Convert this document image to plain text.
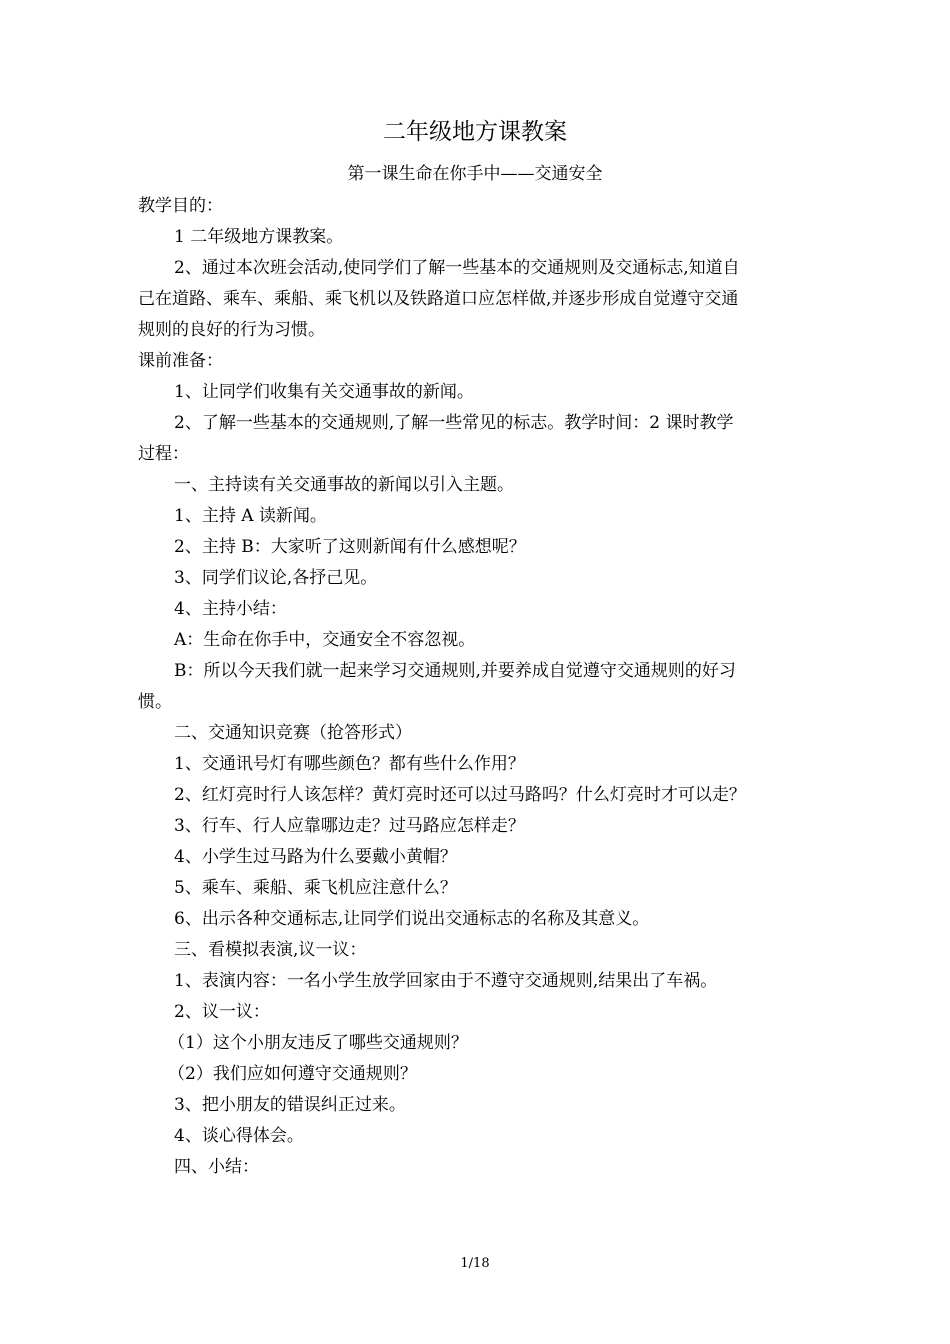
二年级地方课教案
第一课生命在你手中——交通安全
教学目的：
1 二年级地方课教案。
2、通过本次班会活动,使同学们了解一些基本的交通规则及交通标志,知道自
己在道路、乘车、乘船、乘飞机以及铁路道口应怎样做,并逐步形成自觉遵守交通
规则的良好的行为习惯。
课前准备：
1、让同学们收集有关交通事故的新闻。
2、了解一些基本的交通规则,了解一些常见的标志。教学时间：2 课时教学
过程：
一、主持读有关交通事故的新闻以引入主题。
1、主持 A 读新闻。
2、主持 B：大家听了这则新闻有什么感想呢？
3、同学们议论,各抒己见。
4、主持小结：
A：生命在你手中，交通安全不容忽视。
B：所以今天我们就一起来学习交通规则,并要养成自觉遵守交通规则的好习
惯。
二、交通知识竞赛（抢答形式）
1、交通讯号灯有哪些颜色？都有些什么作用？
2、红灯亮时行人该怎样？黄灯亮时还可以过马路吗？什么灯亮时才可以走？
3、行车、行人应靠哪边走？过马路应怎样走？
4、小学生过马路为什么要戴小黄帽？
5、乘车、乘船、乘飞机应注意什么？
6、出示各种交通标志,让同学们说出交通标志的名称及其意义。
三、看模拟表演,议一议：
1、表演内容：一名小学生放学回家由于不遵守交通规则,结果出了车祸。
2、议一议：
（1）这个小朋友违反了哪些交通规则？
（2）我们应如何遵守交通规则？
3、把小朋友的错误纠正过来。
4、谈心得体会。
四、小结：
1/18
